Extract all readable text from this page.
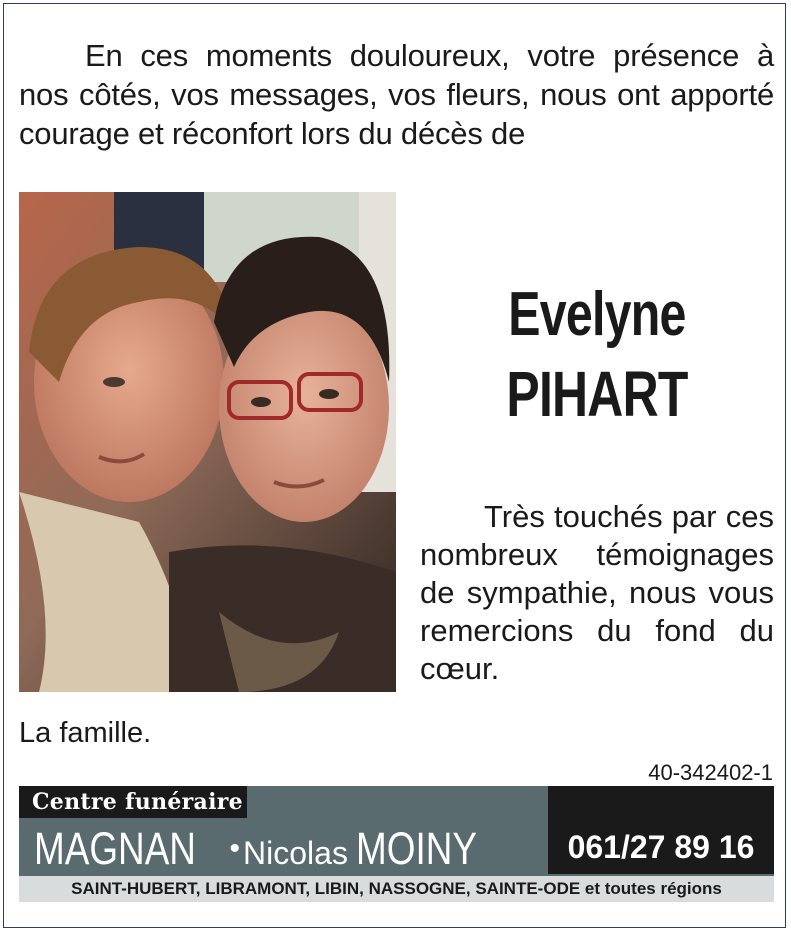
En ces moments douloureux, votre présence à nos côtés, vos messages, vos fleurs, nous ont apporté courage et réconfort lors du décès de

Evelyne
PIHART

Très touchés par ces nombreux témoignages de sympathie, nous vous remercions du fond du cœur.

La famille.
40-342402-1
Centre funéraire
MAGNAN •Nicolas MOINY	061/27 89 16
SAINT-HUBERT, LIBRAMONT, LIBIN, NASSOGNE, SAINTE-ODE et toutes régions
